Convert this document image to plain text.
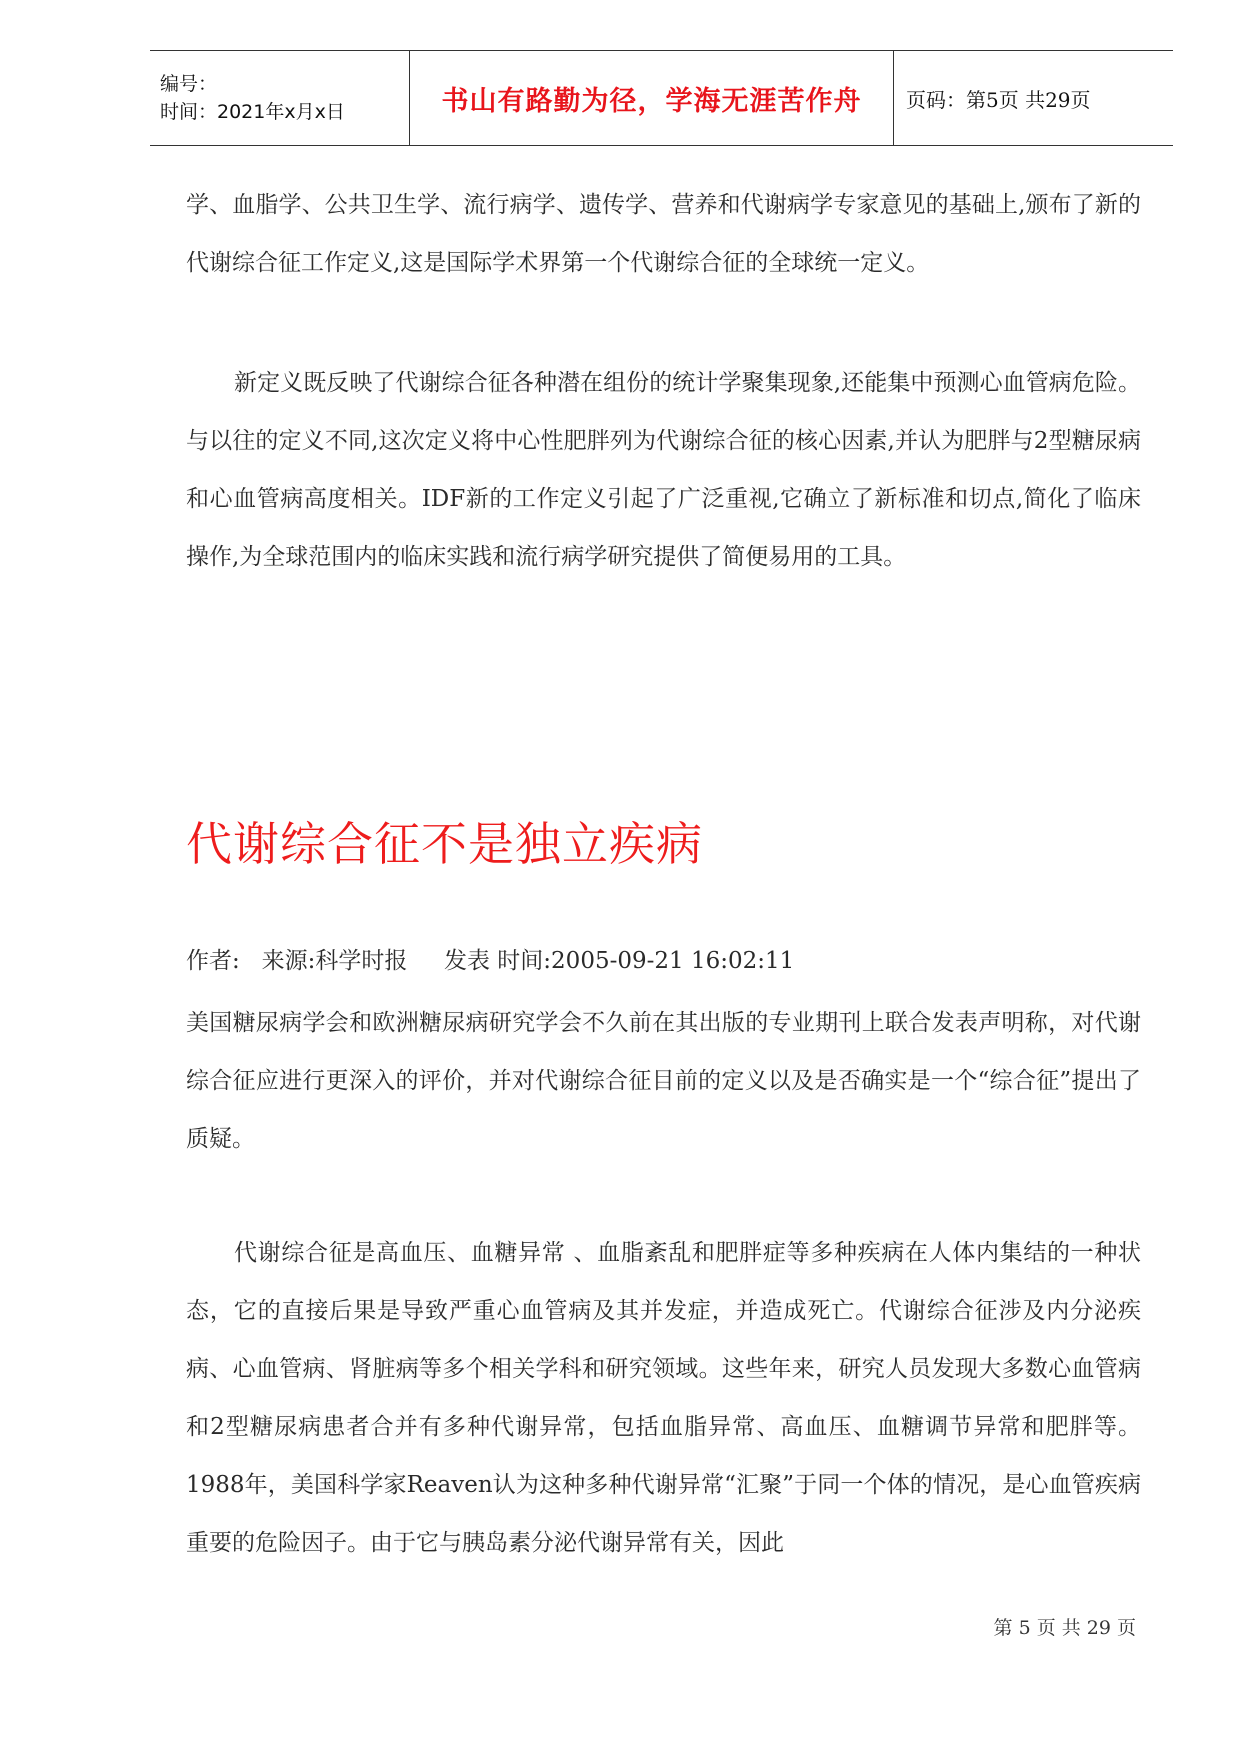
编号：
时间：2021年x月x日	书山有路勤为径，学海无涯苦作舟 页码：第5页 共29页

学、血脂学、公共卫生学、流行病学、遗传学、营养和代谢病学专家意见的基础上,颁布了新的代谢综合征工作定义,这是国际学术界第一个代谢综合征的全球统一定义。

新定义既反映了代谢综合征各种潜在组份的统计学聚集现象,还能集中预测心血管病危险。与以往的定义不同,这次定义将中心性肥胖列为代谢综合征的核心因素,并认为肥胖与2型糖尿病和心血管病高度相关。IDF新的工作定义引起了广泛重视,它确立了新标准和切点,简化了临床操作,为全球范围内的临床实践和流行病学研究提供了简便易用的工具。

代谢综合征不是独立疾病
作者:   来源:科学时报     发表 时间:2005-09-21 16:02:11

美国糖尿病学会和欧洲糖尿病研究学会不久前在其出版的专业期刊上联合发表声明称，对代谢综合征应进行更深入的评价，并对代谢综合征目前的定义以及是否确实是一个“综合征”提出了质疑。

代谢综合征是高血压、血糖异常 、血脂紊乱和肥胖症等多种疾病在人体内集结的一种状态，它的直接后果是导致严重心血管病及其并发症，并造成死亡。代谢综合征涉及内分泌疾病、心血管病、肾脏病等多个相关学科和研究领域。这些年来，研究人员发现大多数心血管病和2型糖尿病患者合并有多种代谢异常，包括血脂异常、高血压、血糖调节异常和肥胖等。1988年，美国科学家Reaven认为这种多种代谢异常“汇聚”于同一个体的情况，是心血管疾病重要的危险因子。由于它与胰岛素分泌代谢异常有关，因此

第 5 页 共 29 页
